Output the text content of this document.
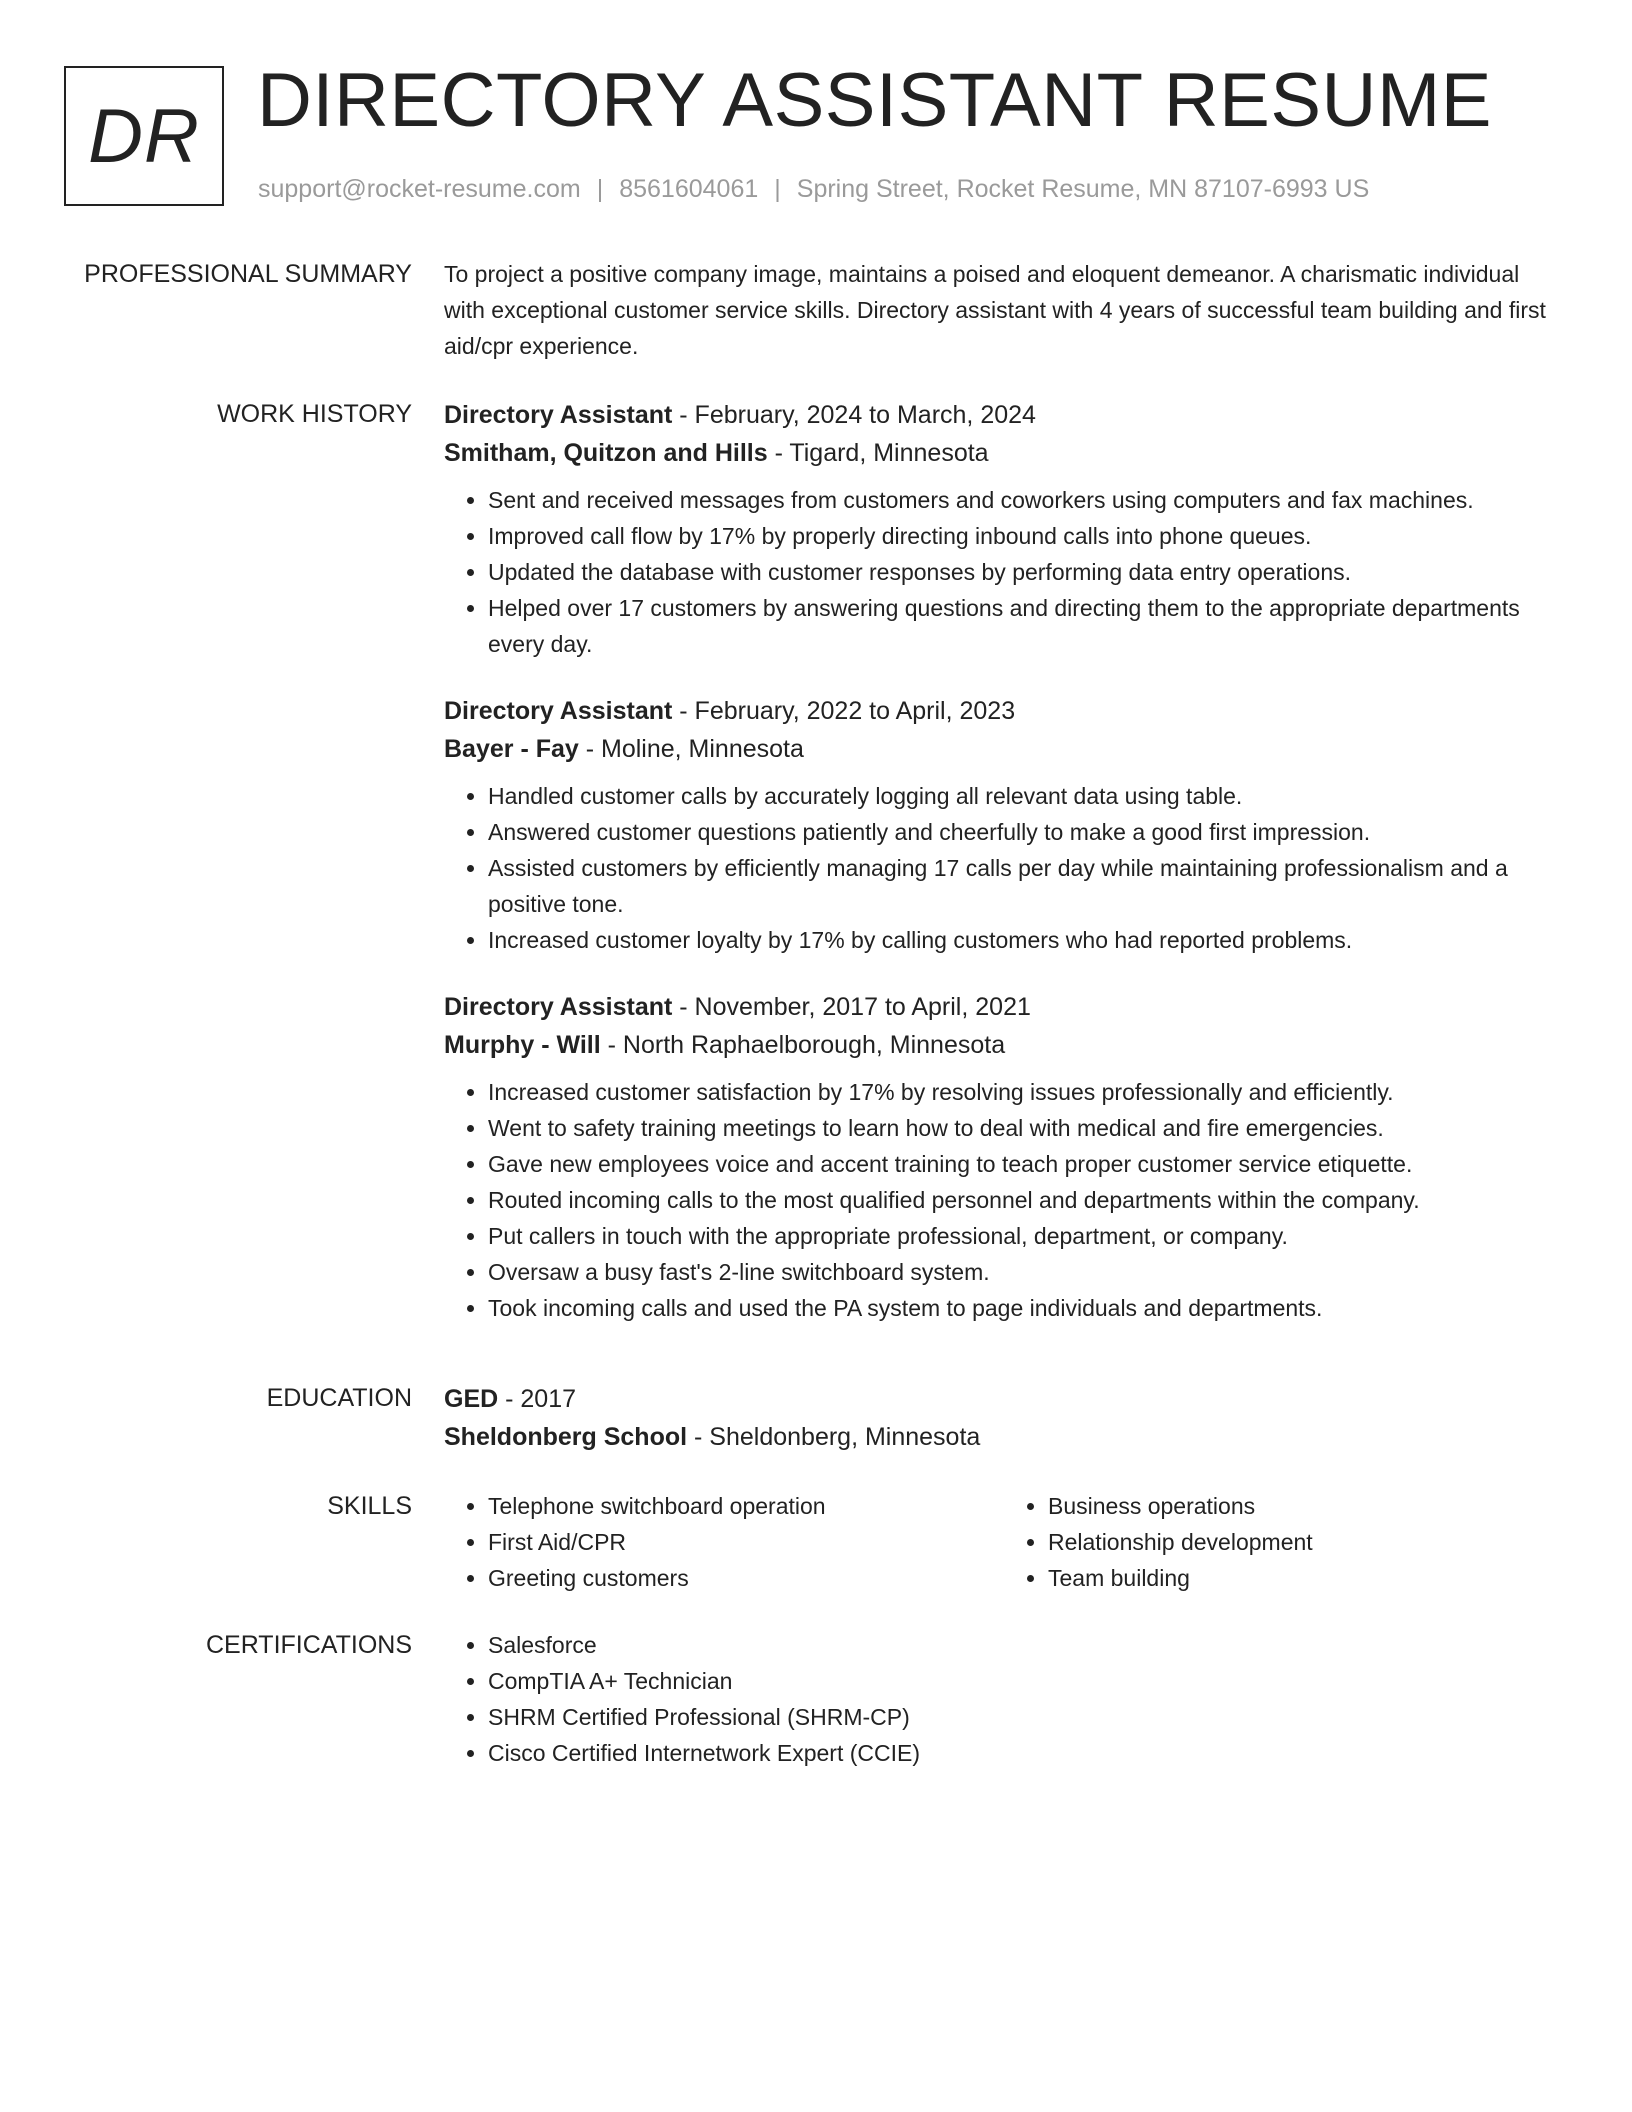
DR DIRECTORY ASSISTANT RESUME
support@rocket-resume.com | 8561604061 | Spring Street, Rocket Resume, MN 87107-6993 US
PROFESSIONAL SUMMARY To project a positive company image, maintains a poised and eloquent demeanor. A charismatic individual with exceptional customer service skills. Directory assistant with 4 years of successful team building and first aid/cpr experience.

WORK HISTORY Directory Assistant - February, 2024 to March, 2024
Smitham, Quitzon and Hills - Tigard, Minnesota
• Sent and received messages from customers and coworkers using computers and fax machines.
• Improved call flow by 17% by properly directing inbound calls into phone queues.
• Updated the database with customer responses by performing data entry operations.
• Helped over 17 customers by answering questions and directing them to the appropriate departments every day.
Directory Assistant - February, 2022 to April, 2023
Bayer - Fay - Moline, Minnesota
• Handled customer calls by accurately logging all relevant data using table.
• Answered customer questions patiently and cheerfully to make a good first impression.
• Assisted customers by efficiently managing 17 calls per day while maintaining professionalism and a positive tone.
• Increased customer loyalty by 17% by calling customers who had reported problems.
Directory Assistant - November, 2017 to April, 2021
Murphy - Will - North Raphaelborough, Minnesota
• Increased customer satisfaction by 17% by resolving issues professionally and efficiently.
• Went to safety training meetings to learn how to deal with medical and fire emergencies.
• Gave new employees voice and accent training to teach proper customer service etiquette.
• Routed incoming calls to the most qualified personnel and departments within the company.
• Put callers in touch with the appropriate professional, department, or company.
• Oversaw a busy fast's 2-line switchboard system.
• Took incoming calls and used the PA system to page individuals and departments.
EDUCATION GED - 2017
Sheldonberg School - Sheldonberg, Minnesota
SKILLS	• Telephone switchboard operation
• First Aid/CPR
• Greeting customers
• Business operations
• Relationship development
• Team building
CERTIFICATIONS	• Salesforce
• CompTIA A+ Technician
• SHRM Certified Professional (SHRM-CP)
• Cisco Certified Internetwork Expert (CCIE)
